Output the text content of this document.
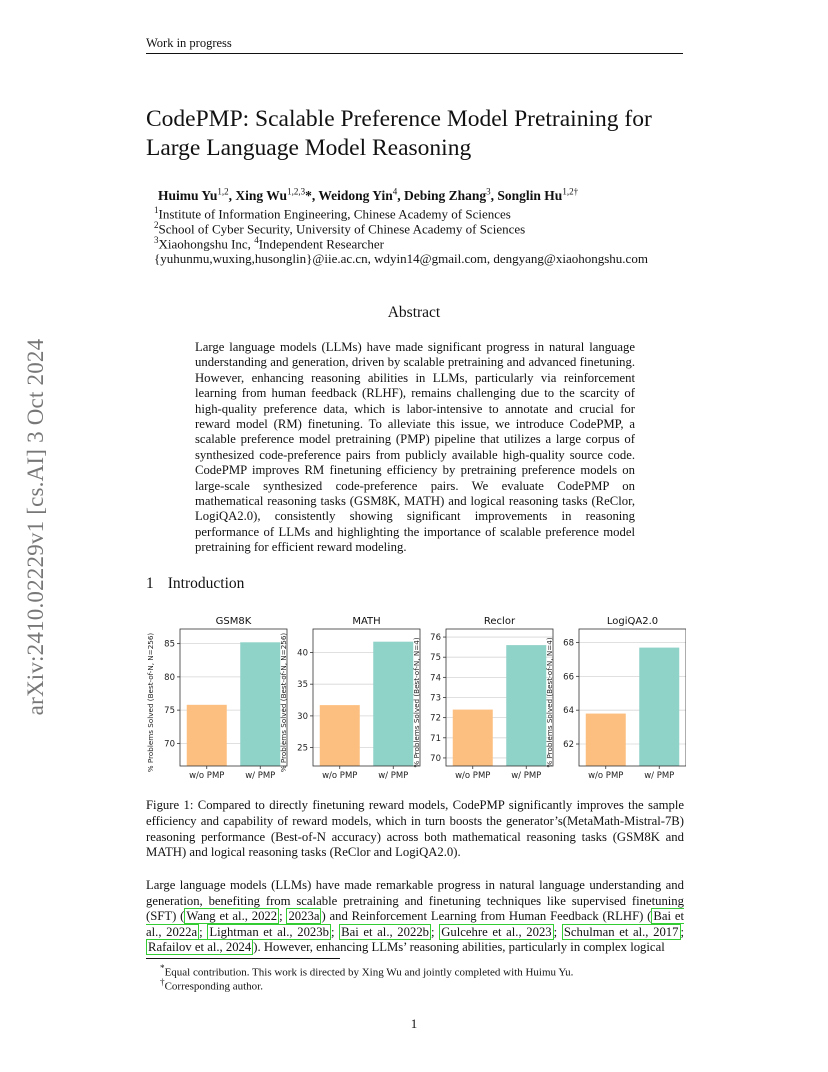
Work in progress
arXiv:2410.02229v1 [cs.AI] 3 Oct 2024
CodePMP: Scalable Preference Model Pretraining for
Large Language Model Reasoning
Huimu Yu$^{1,2}$, Xing Wu$^{1,2,3}$*, Weidong Yin$^4$, Debing Zhang$^3$, Songlin $Hu^{1,2\dagger}$
$^1$Institute of Information Engineering, Chinese Academy of Sciences
$^2$School of Cyber Security, University of Chinese Academy of Sciences
$^3$Xiaohongshu Inc, $^4$Independent Researcher
{yuhunmu,wuxing,husonglin}@iie.ac.cn, wdyin14@gmail.com, dengyang@xiaohongshu.com
Abstract
Large language models (LLMs) have made significant progress in natural language understanding and generation, driven by scalable pretraining and advanced finetuning. However, enhancing reasoning abilities in LLMs, particularly via reinforcement learning from human feedback (RLHF), remains challenging due to the scarcity of high-quality preference data, which is labor-intensive to annotate and crucial for reward model (RM) finetuning. To alleviate this issue, we introduce CodePMP, a scalable preference model pretraining (PMP) pipeline that utilizes a large corpus of synthesized code-preference pairs from publicly available high-quality source code. CodePMP improves RM finetuning efficiency by pretraining preference models on large-scale synthesized code-preference pairs. We evaluate CodePMP on mathematical reasoning tasks (GSM8K, MATH) and logical reasoning tasks (ReClor, LogiQA2.0), consistently showing significant improvements in reasoning performance of LLMs and highlighting the importance of scalable preference model pretraining for efficient reward modeling.
1 Introduction
70
75
80
85
w/o PMP w/ PMP
GSM8K
% Problems Solved (Best-of-N, N=256)	25
30
35
40
w/o PMP w/ PMP
MATH
% Problems Solved (Best-of-N, N=256)	70
71
72
73
74
75
76
w/o PMP w/ PMP
Reclor
% Problems Solved (Best-of-N, N=4)	62
64
66
68
w/o PMP w/ PMP
LogiQA2.0
% Problems Solved (Best-of-N, N=4)
Figure 1: Compared to directly finetuning reward models, CodePMP significantly improves the sample efficiency and capability of reward models, which in turn boosts the generator’s(MetaMath-Mistral-7B) reasoning performance (Best-of-N accuracy) across both mathematical reasoning tasks (GSM8K and MATH) and logical reasoning tasks (ReClor and LogiQA2.0).
Large language models (LLMs) have made remarkable progress in natural language understanding and generation, benefiting from scalable pretraining and finetuning techniques like supervised finetuning (SFT) ( Wang et al., 2022 ; 2023a ) and Reinforcement Learning from Human Feedback (RLHF) ( Bai et al., 2022a ; Lightman et al., 2023b ; Bai et al., 2022b ; Gulcehre et al., 2023 ; Schulman et al., 2017 ; Rafailov et al., 2024 ). However, enhancing LLMs’ reasoning abilities, particularly in complex logical
*Equal contribution. This work is directed by Xing Wu and jointly completed with Huimu Yu.
†Corresponding author.
1
